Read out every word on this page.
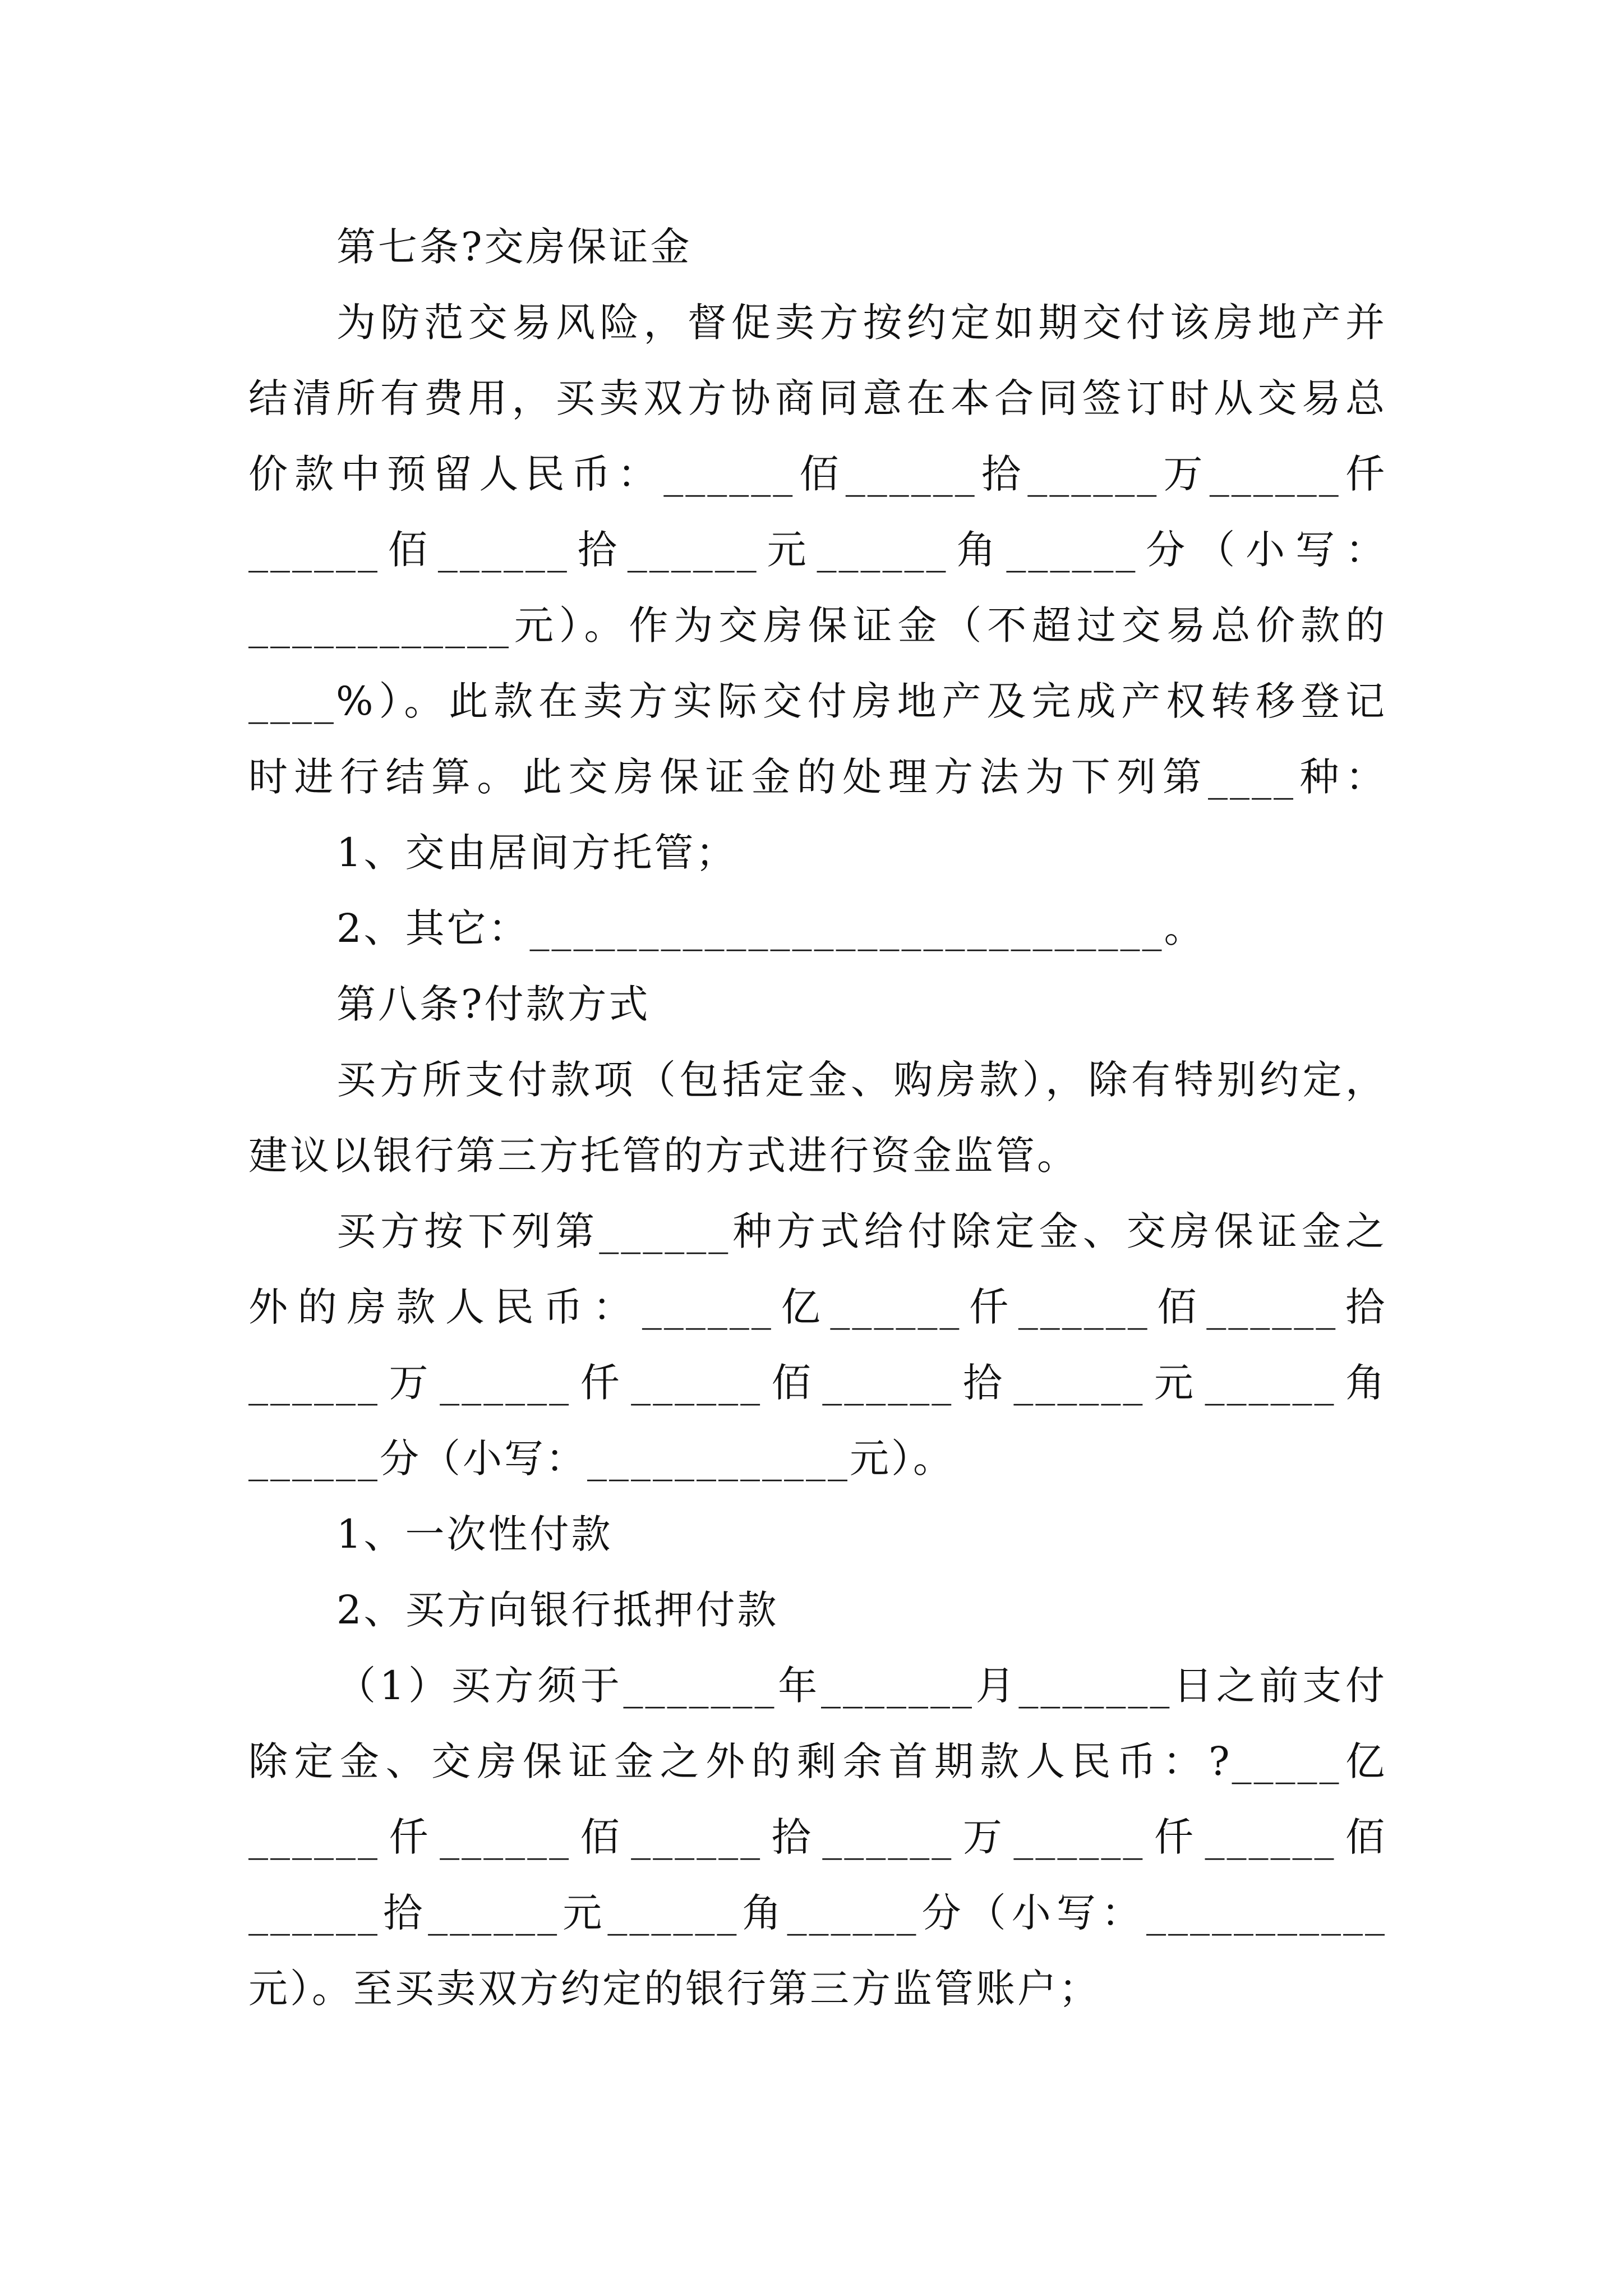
第七条?交房保证金
为防范交易风险，督促卖方按约定如期交付该房地产并
结清所有费用，买卖双方协商同意在本合同签订时从交易总
价款中预留人民币：______佰______拾______万______仟
______佰______拾______元______角______分（小写：
____________元）。作为交房保证金（不超过交易总价款的
____%）。此款在卖方实际交付房地产及完成产权转移登记
时进行结算。此交房保证金的处理方法为下列第____种：
1、交由居间方托管；
2、其它：_____________________________。
第八条?付款方式
买方所支付款项（包括定金、购房款），除有特别约定，
建议以银行第三方托管的方式进行资金监管。
买方按下列第______种方式给付除定金、交房保证金之
外的房款人民币：______亿______仟______佰______拾
______万______仟______佰______拾______元______角
______分（小写：____________元）。
1、一次性付款
2、买方向银行抵押付款
（1）买方须于_______年_______月_______日之前支付
除定金、交房保证金之外的剩余首期款人民币：?_____亿
______仟______佰______拾______万______仟______佰
______拾______元______角______分（小写：___________
元）。至买卖双方约定的银行第三方监管账户；
